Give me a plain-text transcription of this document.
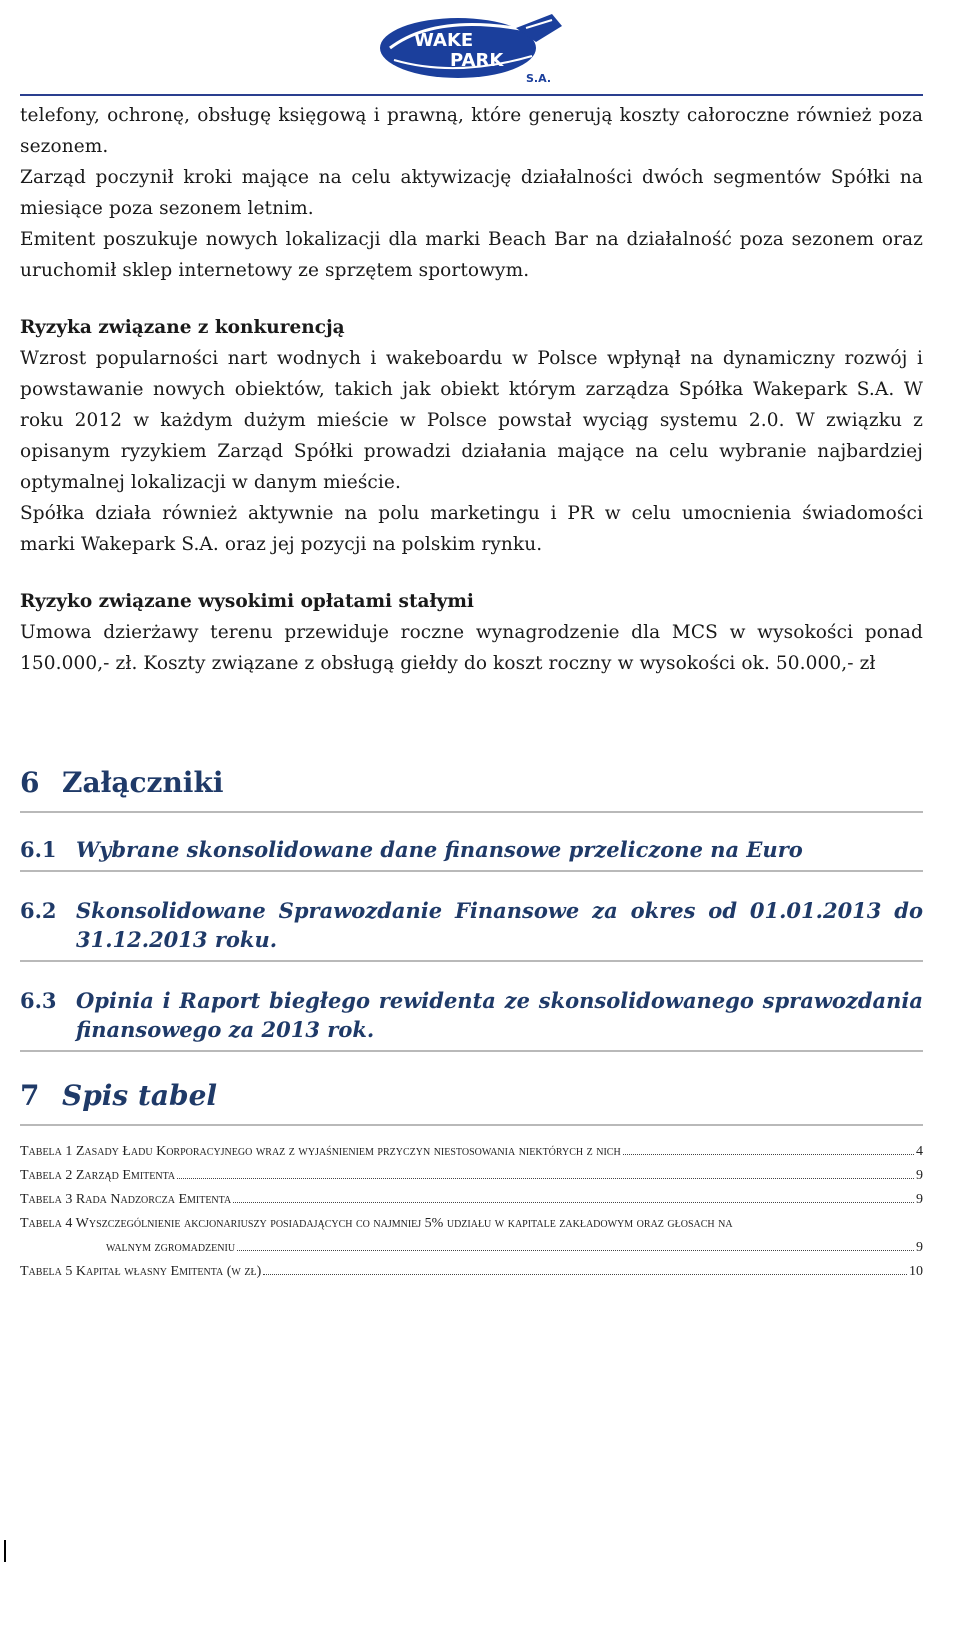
WAKE
PARK
S.A.

telefony, ochronę, obsługę księgową i prawną, które generują koszty całoroczne również poza sezonem.

Zarząd poczynił kroki mające na celu aktywizację działalności dwóch segmentów Spółki na miesiące poza sezonem letnim.

Emitent poszukuje nowych lokalizacji dla marki Beach Bar na działalność poza sezonem oraz uruchomił sklep internetowy ze sprzętem sportowym.

Ryzyka związane z konkurencją

Wzrost popularności nart wodnych i wakeboardu w Polsce wpłynął na dynamiczny rozwój i powstawanie nowych obiektów, takich jak obiekt którym zarządza Spółka Wakepark S.A. W roku 2012 w każdym dużym mieście w Polsce powstał wyciąg systemu 2.0. W związku z opisanym ryzykiem Zarząd Spółki prowadzi działania mające na celu wybranie najbardziej optymalnej lokalizacji w danym mieście.

Spółka działa również aktywnie na polu marketingu i PR w celu umocnienia świadomości marki Wakepark S.A. oraz jej pozycji na polskim rynku.

Ryzyko związane wysokimi opłatami stałymi

Umowa dzierżawy terenu przewiduje roczne wynagrodzenie dla MCS w wysokości ponad 150.000,- zł. Koszty związane z obsługą giełdy do koszt roczny w wysokości ok. 50.000,- zł

6 Załączniki
6.1 Wybrane skonsolidowane dane finansowe przeliczone na Euro
6.2 Skonsolidowane Sprawozdanie Finansowe za okres od 01.01.2013 do 31.12.2013 roku.
6.3 Opinia i Raport biegłego rewidenta ze skonsolidowanego sprawozdania finansowego za 2013 rok.
7 Spis tabel
Tabela 1 Zasady Ładu Korporacyjnego wraz z wyjaśnieniem przyczyn niestosowania niektórych z nich	4
Tabela 2 Zarząd Emitenta	9
Tabela 3 Rada Nadzorcza Emitenta	9
Tabela 4 Wyszczególnienie akcjonariuszy posiadających co najmniej 5% udziału w kapitale zakładowym oraz głosach na
walnym zgromadzeniu	9
Tabela 5 Kapitał własny Emitenta (w zł)	10
